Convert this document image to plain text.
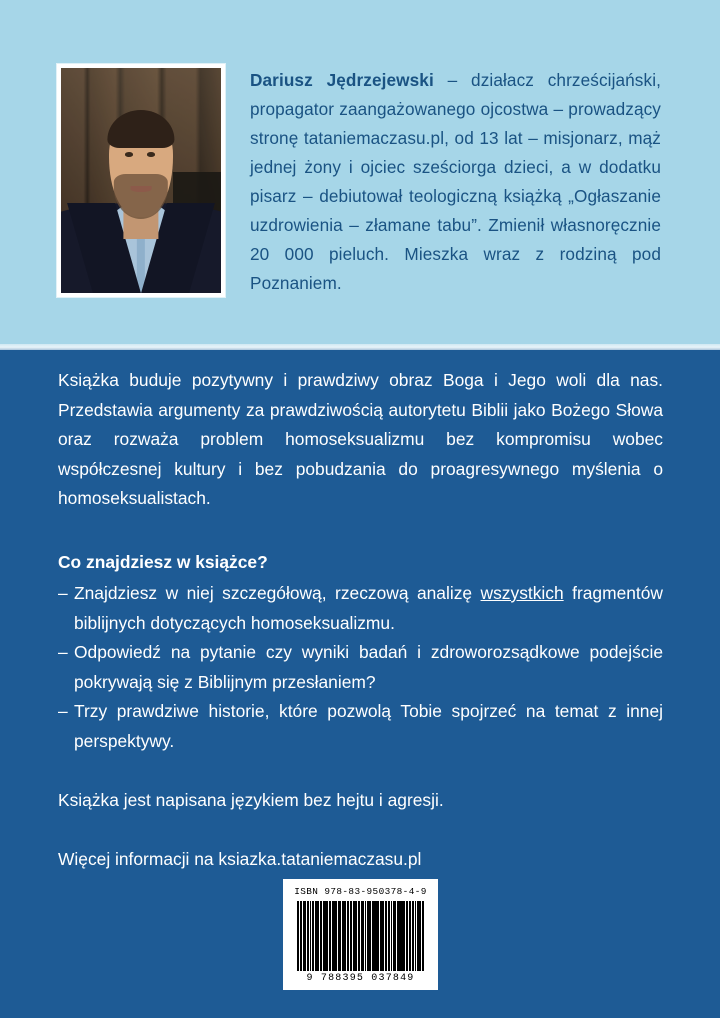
Dariusz Jędrzejewski – działacz chrześcijański, propagator zaangażowanego ojcostwa – prowadzący stronę tataniemaczasu.pl, od 13 lat – misjonarz, mąż jednej żony i ojciec sześciorga dzieci, a w dodatku pisarz – debiutował teologiczną książką „Ogłaszanie uzdrowienia – złamane tabu”. Zmienił własnoręcznie 20 000 pieluch. Mieszka wraz z rodziną pod Poznaniem.
Książka buduje pozytywny i prawdziwy obraz Boga i Jego woli dla nas. Przedstawia argumenty za prawdziwością autorytetu Biblii jako Bożego Słowa oraz rozważa problem homoseksualizmu bez kompromisu wobec współczesnej kultury i bez pobudzania do proagresywnego myślenia o homoseksualistach.
Co znajdziesz w książce?
– Znajdziesz w niej szczegółową, rzeczową analizę wszystkich fragmentów biblijnych dotyczących homoseksualizmu.
– Odpowiedź na pytanie czy wyniki badań i zdroworozsądkowe podejście pokrywają się z Biblijnym przesłaniem?
– Trzy prawdziwe historie, które pozwolą Tobie spojrzeć na temat z innej perspektywy.
Książka jest napisana językiem bez hejtu i agresji.
Więcej informacji na ksiazka.tataniemaczasu.pl
ISBN 978-83-950378-4-9
9 788395 037849
